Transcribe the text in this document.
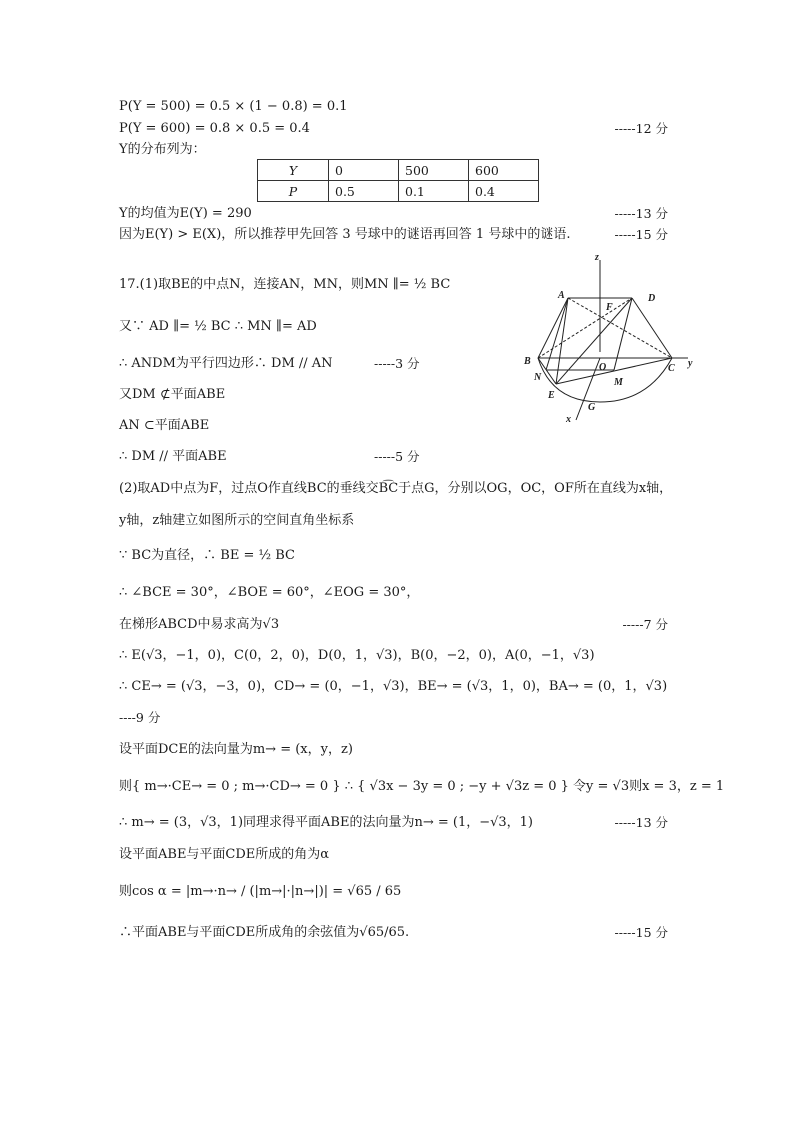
P(Y = 500) = 0.5 × (1 − 0.8) = 0.1
P(Y = 600) = 0.8 × 0.5 = 0.4	-----12 分
Y的分布列为：
Y	0	500	600
P	0.5	0.1	0.4
Y的均值为E(Y) = 290	-----13 分
因为E(Y) > E(X)，所以推荐甲先回答 3 号球中的谜语再回答 1 号球中的谜语.	-----15 分
17.(1)取BE的中点N，连接AN，MN，则MN ∥= ½ BC
又∵ AD ∥= ½ BC ∴ MN ∥= AD
∴ ANDM为平行四边形∴ DM // AN	-----3 分
又DM ⊄平面ABE
AN ⊂平面ABE
∴ DM // 平面ABE	-----5 分
(2)取AD中点为F，过点O作直线BC的垂线交B͡C于点G，分别以OG，OC，OF所在直线为x轴，
y轴，z轴建立如图所示的空间直角坐标系
∵ BC为直径，∴ BE = ½ BC
∴ ∠BCE = 30°，∠BOE = 60°，∠EOG = 30°，
在梯形ABCD中易求高为√3	-----7 分
∴ E(√3，−1，0)，C(0，2，0)，D(0，1，√3)，B(0，−2，0)，A(0，−1，√3)
∴ CE→ = (√3，−3，0)，CD→ = (0，−1，√3)，BE→ = (√3，1，0)，BA→ = (0，1，√3)
----9 分
设平面DCE的法向量为m→ = (x，y，z)
则{ m→·CE→ = 0 ; m→·CD→ = 0 } ∴ { √3x − 3y = 0 ; −y + √3z = 0 } 令y = √3则x = 3，z = 1
∴ m→ = (3，√3，1)同理求得平面ABE的法向量为n→ = (1，−√3，1)	-----13 分
设平面ABE与平面CDE所成的角为α
则cos α = |m→·n→ / (|m→|·|n→|)| = √65 / 65
∴平面ABE与平面CDE所成角的余弦值为√65/65.	-----15 分
z
y
x
A	D
F
B
O	C
N	M
E
G
